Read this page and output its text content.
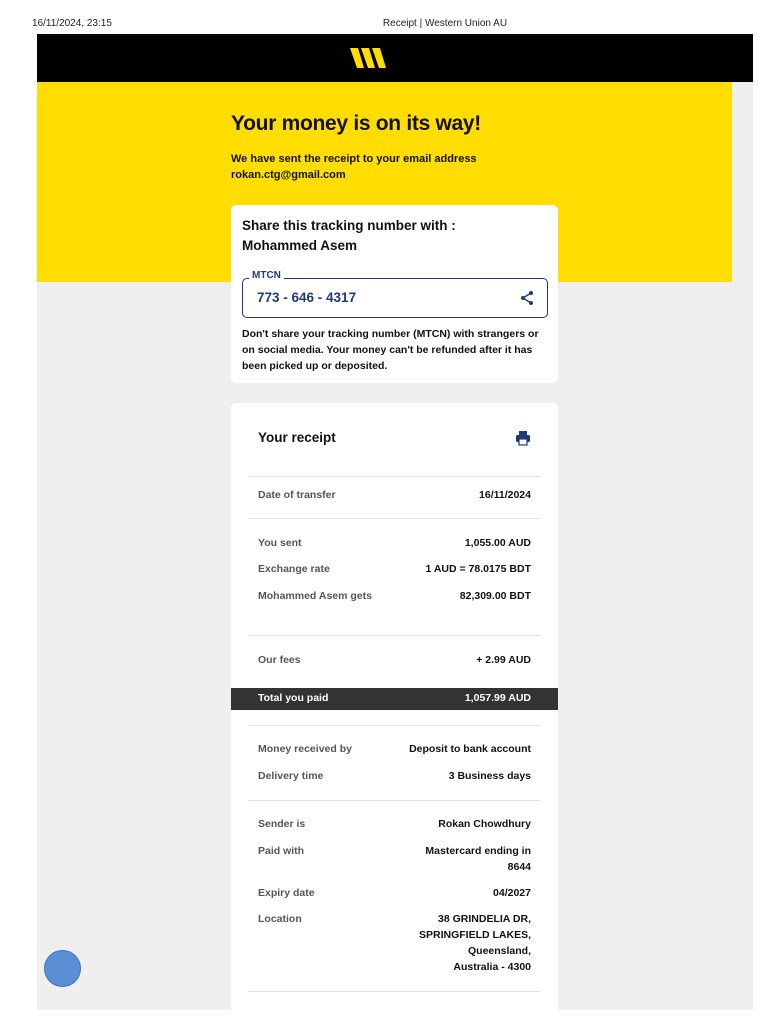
16/11/2024, 23:15	Receipt | Western Union AU
Your money is on its way!
We have sent the receipt to your email address
rokan.ctg@gmail.com
Share this tracking number with :
Mohammed Asem
MTCN
773 - 646 - 4317
Don't share your tracking number (MTCN) with strangers or on social media. Your money can't be refunded after it has been picked up or deposited.
Your receipt
Date of transfer	16/11/2024
You sent	1,055.00 AUD
Exchange rate	1 AUD = 78.0175 BDT
Mohammed Asem gets	82,309.00 BDT
Our fees	+ 2.99 AUD
Total you paid	1,057.99 AUD
Money received by	Deposit to bank account
Delivery time	3 Business days
Sender is	Rokan Chowdhury
Paid with	Mastercard ending in
8644
Expiry date	04/2027
Location	38 GRINDELIA DR,
SPRINGFIELD LAKES,
Queensland,
Australia - 4300
